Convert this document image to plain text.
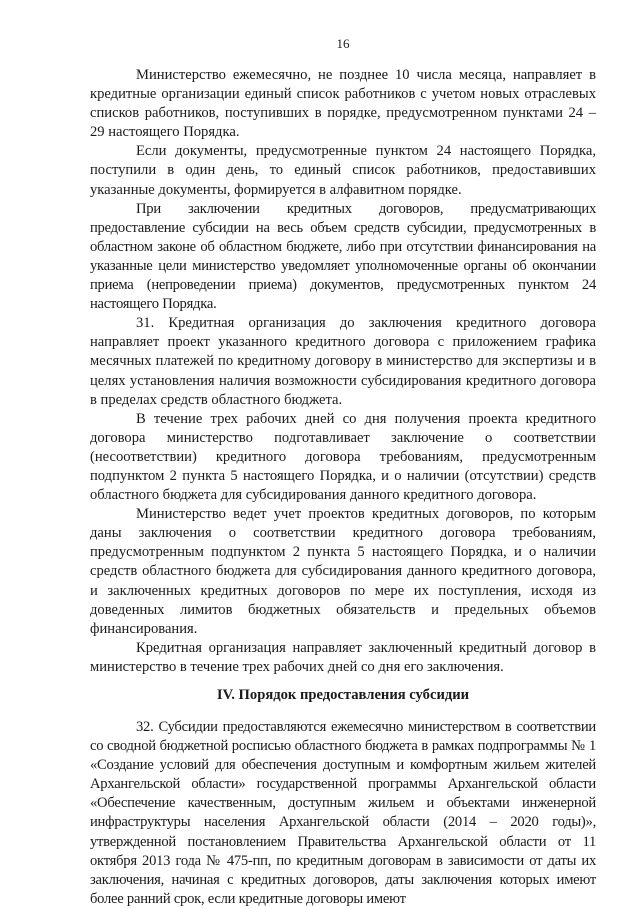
16

Министерство ежемесячно, не позднее 10 числа месяца, направляет в кредитные организации единый список работников с учетом новых отраслевых списков работников, поступивших в порядке, предусмотренном пунктами 24 – 29 настоящего Порядка.

Если документы, предусмотренные пунктом 24 настоящего Порядка, поступили в один день, то единый список работников, предоставивших указанные документы, формируется в алфавитном порядке.

При заключении кредитных договоров, предусматривающих предоставление субсидии на весь объем средств субсидии, предусмотренных в областном законе об областном бюджете, либо при отсутствии финансирования на указанные цели министерство уведомляет уполномоченные органы об окончании приема (непроведении приема) документов, предусмотренных пунктом 24 настоящего Порядка.

31. Кредитная организация до заключения кредитного договора направляет проект указанного кредитного договора с приложением графика месячных платежей по кредитному договору в министерство для экспертизы и в целях установления наличия возможности субсидирования кредитного договора в пределах средств областного бюджета.

В течение трех рабочих дней со дня получения проекта кредитного договора министерство подготавливает заключение о соответствии (несоответствии) кредитного договора требованиям, предусмотренным подпунктом 2 пункта 5 настоящего Порядка, и о наличии (отсутствии) средств областного бюджета для субсидирования данного кредитного договора.

Министерство ведет учет проектов кредитных договоров, по которым даны заключения о соответствии кредитного договора требованиям, предусмотренным подпунктом 2 пункта 5 настоящего Порядка, и о наличии средств областного бюджета для субсидирования данного кредитного договора, и заключенных кредитных договоров по мере их поступления, исходя из доведенных лимитов бюджетных обязательств и предельных объемов финансирования.

Кредитная организация направляет заключенный кредитный договор в министерство в течение трех рабочих дней со дня его заключения.

IV. Порядок предоставления субсидии

32. Субсидии предоставляются ежемесячно министерством в соответствии со сводной бюджетной росписью областного бюджета в рамках подпрограммы № 1 «Создание условий для обеспечения доступным и комфортным жильем жителей Архангельской области» государственной программы Архангельской области «Обеспечение качественным, доступным жильем и объектами инженерной инфраструктуры населения Архангельской области (2014 – 2020 годы)», утвержденной постановлением Правительства Архангельской области от 11 октября 2013 года № 475-пп, по кредитным договорам в зависимости от даты их заключения, начиная с кредитных договоров, даты заключения которых имеют более ранний срок, если кредитные договоры имеют
